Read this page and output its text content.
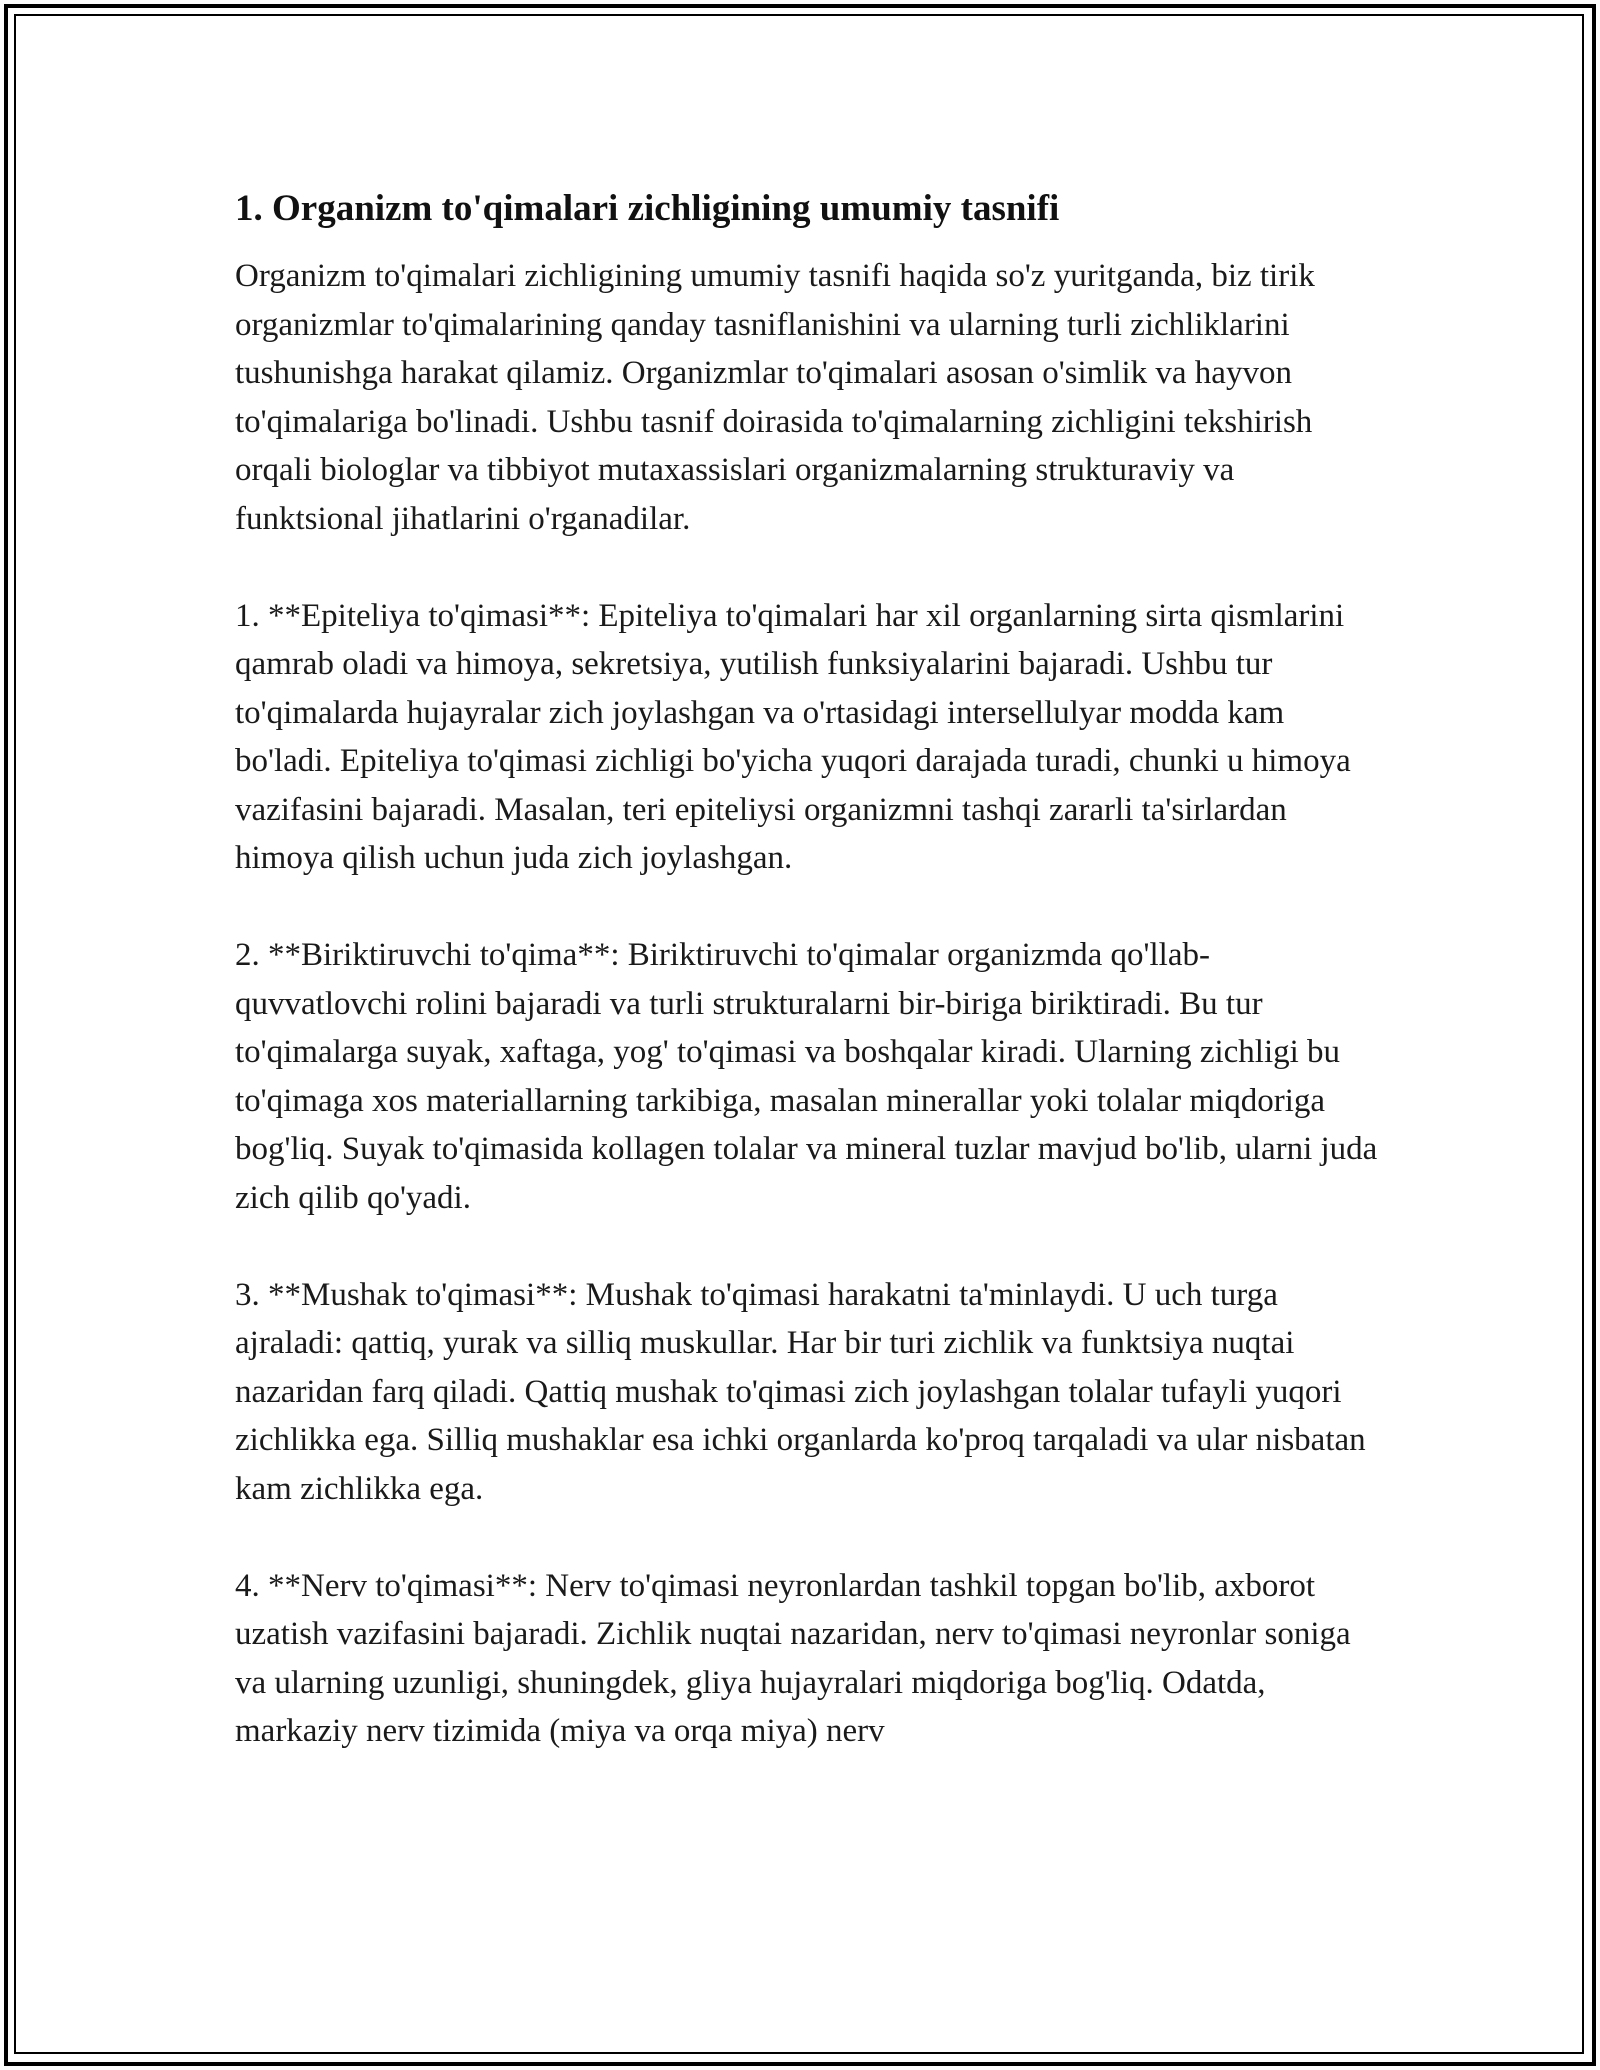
1. Organizm to'qimalari zichligining umumiy tasnifi

Organizm to'qimalari zichligining umumiy tasnifi haqida so'z yuritganda, biz tirik organizmlar to'qimalarining qanday tasniflanishini va ularning turli zichliklarini tushunishga harakat qilamiz. Organizmlar to'qimalari asosan o'simlik va hayvon to'qimalariga bo'linadi. Ushbu tasnif doirasida to'qimalarning zichligini tekshirish orqali biologlar va tibbiyot mutaxassislari organizmalarning strukturaviy va funktsional jihatlarini o'rganadilar.

1. **Epiteliya to'qimasi**: Epiteliya to'qimalari har xil organlarning sirta qismlarini qamrab oladi va himoya, sekretsiya, yutilish funksiyalarini bajaradi. Ushbu tur to'qimalarda hujayralar zich joylashgan va o'rtasidagi intersellulyar modda kam bo'ladi. Epiteliya to'qimasi zichligi bo'yicha yuqori darajada turadi, chunki u himoya vazifasini bajaradi. Masalan, teri epiteliysi organizmni tashqi zararli ta'sirlardan himoya qilish uchun juda zich joylashgan.

2. **Biriktiruvchi to'qima**: Biriktiruvchi to'qimalar organizmda qo'llab-quvvatlovchi rolini bajaradi va turli strukturalarni bir-biriga biriktiradi. Bu tur to'qimalarga suyak, xaftaga, yog' to'qimasi va boshqalar kiradi. Ularning zichligi bu to'qimaga xos materiallarning tarkibiga, masalan minerallar yoki tolalar miqdoriga bog'liq. Suyak to'qimasida kollagen tolalar va mineral tuzlar mavjud bo'lib, ularni juda zich qilib qo'yadi.

3. **Mushak to'qimasi**: Mushak to'qimasi harakatni ta'minlaydi. U uch turga ajraladi: qattiq, yurak va silliq muskullar. Har bir turi zichlik va funktsiya nuqtai nazaridan farq qiladi. Qattiq mushak to'qimasi zich joylashgan tolalar tufayli yuqori zichlikka ega. Silliq mushaklar esa ichki organlarda ko'proq tarqaladi va ular nisbatan kam zichlikka ega.

4. **Nerv to'qimasi**: Nerv to'qimasi neyronlardan tashkil topgan bo'lib, axborot uzatish vazifasini bajaradi. Zichlik nuqtai nazaridan, nerv to'qimasi neyronlar soniga va ularning uzunligi, shuningdek, gliya hujayralari miqdoriga bog'liq. Odatda, markaziy nerv tizimida (miya va orqa miya) nerv
